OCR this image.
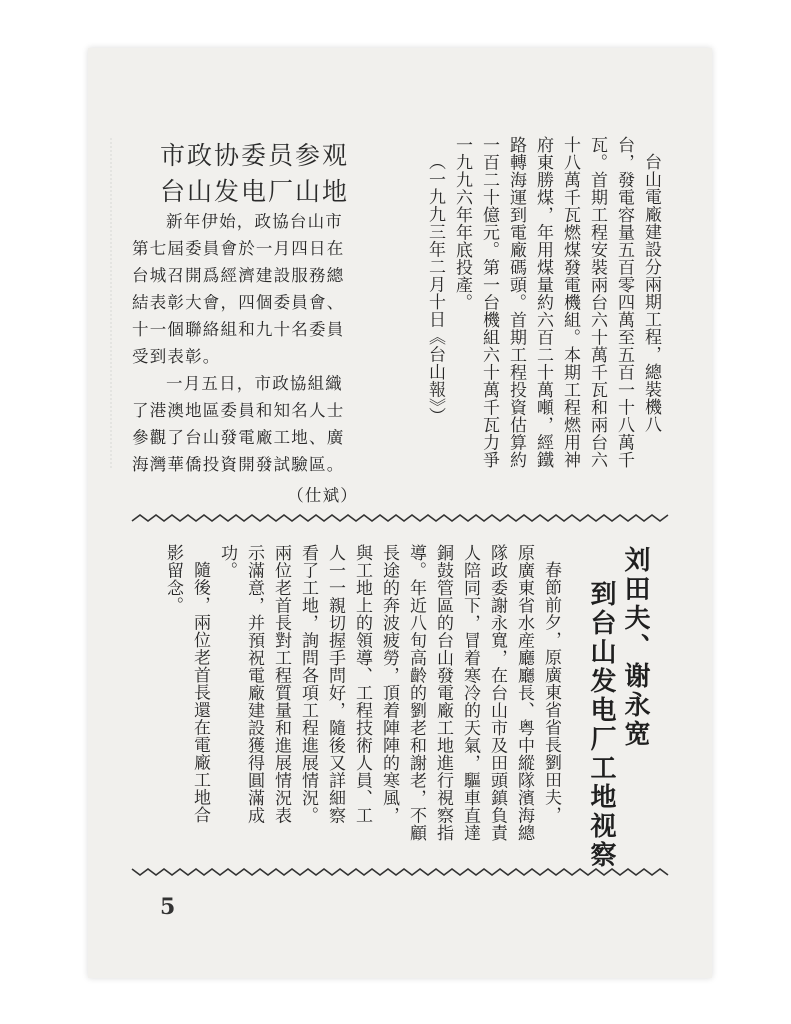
市政协委员参观
台山发电厂山地
新年伊始，政協台山市
第七屆委員會於一月四日在
台城召開爲經濟建設服務總
結表彰大會，四個委員會、
十一個聯絡組和九十名委員
受到表彰。
一月五日，市政協組織
了港澳地區委員和知名人士
參觀了台山發電廠工地、廣
海灣華僑投資開發試驗區。
（仕斌）
台山電廠建設分兩期工程，總裝機八
台，發電容量五百零四萬至五百一十八萬千
瓦。首期工程安裝兩台六十萬千瓦和兩台六
十八萬千瓦燃煤發電機組。本期工程燃用神
府東勝煤，年用煤量約六百二十萬噸，經鐵
路轉海運到電廠碼頭。首期工程投資估算約
一百二十億元。第一台機組六十萬千瓦力爭
一九九六年年底投產。
（一九九三年二月十日《台山報》）
刘田夫、谢永宽
到台山发电厂工地视察
春節前夕，原廣東省省長劉田夫，
原廣東省水産廳廳長、粤中縱隊濱海總
隊政委謝永寬，在台山市及田頭鎮負責
人陪同下，冒着寒冷的天氣，驅車直達
銅鼓管區的台山發電廠工地進行視察指
導。年近八旬高齡的劉老和謝老，不顧
長途的奔波疲勞，頂着陣陣的寒風，
與工地上的領導、工程技術人員、工
人一一親切握手問好，隨後又詳細察
看了工地，詢問各項工程進展情況。
兩位老首長對工程質量和進展情況表
示滿意，并預祝電廠建設獲得圓滿成
功。
隨後，兩位老首長還在電廠工地合
影留念。
5
